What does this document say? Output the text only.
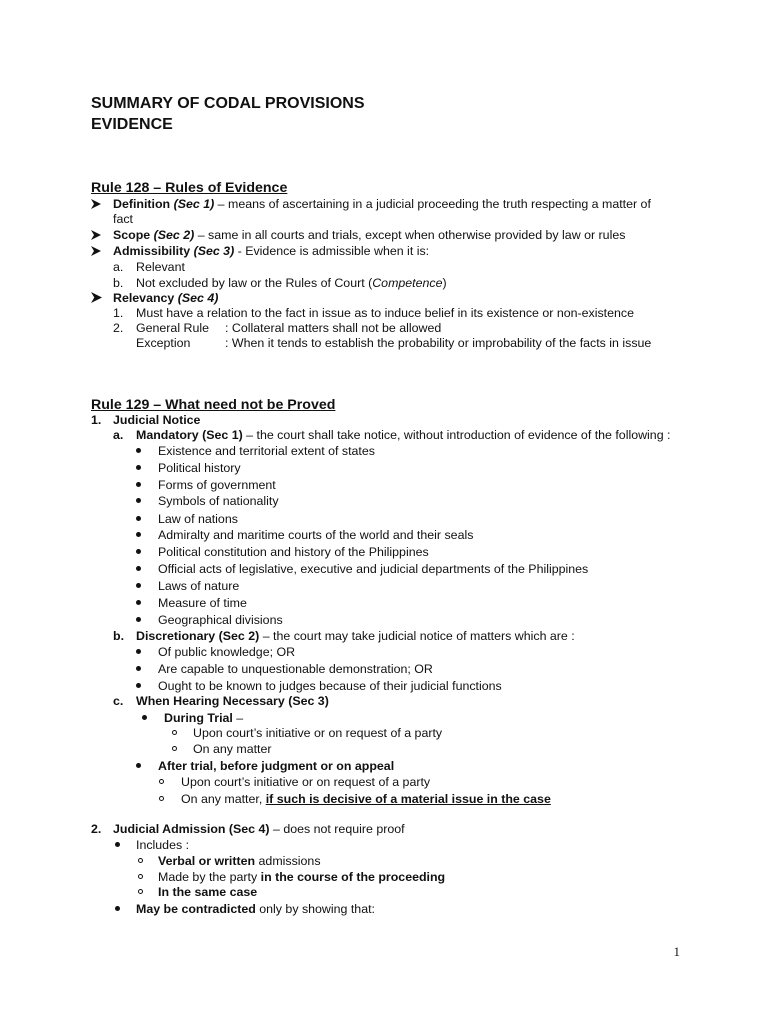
SUMMARY OF CODAL PROVISIONS
EVIDENCE
Rule 128 – Rules of Evidence
Definition (Sec 1) – means of ascertaining in a judicial proceeding the truth respecting a matter of
fact
Scope (Sec 2) – same in all courts and trials, except when otherwise provided by law or rules
Admissibility (Sec 3) - Evidence is admissible when it is:
a. Relevant
b. Not excluded by law or the Rules of Court (Competence)
Relevancy (Sec 4)
1. Must have a relation to the fact in issue as to induce belief in its existence or non-existence
2. General Rule : Collateral matters shall not be allowed
Exception	: When it tends to establish the probability or improbability of the facts in issue
Rule 129 – What need not be Proved
1. Judicial Notice
a. Mandatory (Sec 1) – the court shall take notice, without introduction of evidence of the following :
Existence and territorial extent of states
Political history
Forms of government
Symbols of nationality
Law of nations
Admiralty and maritime courts of the world and their seals
Political constitution and history of the Philippines
Official acts of legislative, executive and judicial departments of the Philippines
Laws of nature
Measure of time
Geographical divisions
b. Discretionary (Sec 2) – the court may take judicial notice of matters which are :
Of public knowledge; OR
Are capable to unquestionable demonstration; OR
Ought to be known to judges because of their judicial functions
c. When Hearing Necessary (Sec 3)
During Trial –
Upon court’s initiative or on request of a party
On any matter
After trial, before judgment or on appeal
Upon court’s initiative or on request of a party
On any matter, if such is decisive of a material issue in the case
2. Judicial Admission (Sec 4) – does not require proof
Includes :
Verbal or written admissions
Made by the party in the course of the proceeding
In the same case
May be contradicted only by showing that:
1
